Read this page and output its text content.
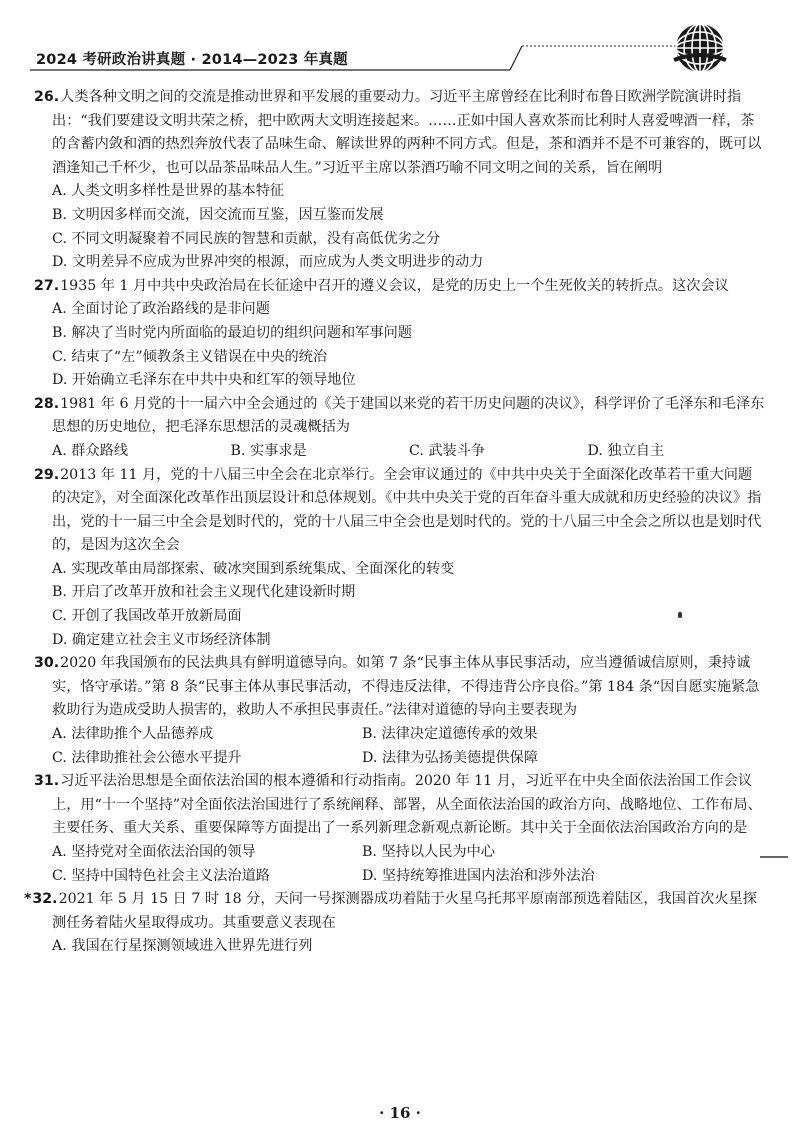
2024 考研政治讲真题 · 2014—2023 年真题
26.人类各种文明之间的交流是推动世界和平发展的重要动力。习近平主席曾经在比利时布鲁日欧洲学院演讲时指出：“我们要建设文明共荣之桥，把中欧两大文明连接起来。……正如中国人喜欢茶而比利时人喜爱啤酒一样，茶的含蓄内敛和酒的热烈奔放代表了品味生命、解读世界的两种不同方式。但是，茶和酒并不是不可兼容的，既可以酒逢知己千杯少，也可以品茶品味品人生。”习近平主席以茶酒巧喻不同文明之间的关系，旨在阐明
A. 人类文明多样性是世界的基本特征
B. 文明因多样而交流，因交流而互鉴，因互鉴而发展
C. 不同文明凝聚着不同民族的智慧和贡献，没有高低优劣之分
D. 文明差异不应成为世界冲突的根源，而应成为人类文明进步的动力
27.1935 年 1 月中共中央政治局在长征途中召开的遵义会议，是党的历史上一个生死攸关的转折点。这次会议
A. 全面讨论了政治路线的是非问题
B. 解决了当时党内所面临的最迫切的组织问题和军事问题
C. 结束了“左”倾教条主义错误在中央的统治
D. 开始确立毛泽东在中共中央和红军的领导地位
28.1981 年 6 月党的十一届六中全会通过的《关于建国以来党的若干历史问题的决议》，科学评价了毛泽东和毛泽东思想的历史地位，把毛泽东思想活的灵魂概括为
A. 群众路线	B. 实事求是	C. 武装斗争	D. 独立自主
29.2013 年 11 月，党的十八届三中全会在北京举行。全会审议通过的《中共中央关于全面深化改革若干重大问题的决定》，对全面深化改革作出顶层设计和总体规划。《中共中央关于党的百年奋斗重大成就和历史经验的决议》指出，党的十一届三中全会是划时代的，党的十八届三中全会也是划时代的。党的十八届三中全会之所以也是划时代的，是因为这次全会
A. 实现改革由局部探索、破冰突围到系统集成、全面深化的转变
B. 开启了改革开放和社会主义现代化建设新时期
C. 开创了我国改革开放新局面
D. 确定建立社会主义市场经济体制
30.2020 年我国颁布的民法典具有鲜明道德导向。如第 7 条“民事主体从事民事活动，应当遵循诚信原则，秉持诚实，恪守承诺。”第 8 条“民事主体从事民事活动，不得违反法律，不得违背公序良俗。”第 184 条“因自愿实施紧急救助行为造成受助人损害的，救助人不承担民事责任。”法律对道德的导向主要表现为
A. 法律助推个人品德养成	B. 法律决定道德传承的效果
C. 法律助推社会公德水平提升	D. 法律为弘扬美德提供保障
31.习近平法治思想是全面依法治国的根本遵循和行动指南。2020 年 11 月，习近平在中央全面依法治国工作会议上，用“十一个坚持”对全面依法治国进行了系统阐释、部署，从全面依法治国的政治方向、战略地位、工作布局、主要任务、重大关系、重要保障等方面提出了一系列新理念新观点新论断。其中关于全面依法治国政治方向的是
A. 坚持党对全面依法治国的领导	B. 坚持以人民为中心
C. 坚持中国特色社会主义法治道路	D. 坚持统筹推进国内法治和涉外法治
*32.2021 年 5 月 15 日 7 时 18 分，天问一号探测器成功着陆于火星乌托邦平原南部预选着陆区，我国首次火星探测任务着陆火星取得成功。其重要意义表现在
A. 我国在行星探测领域进入世界先进行列
· 16 ·
